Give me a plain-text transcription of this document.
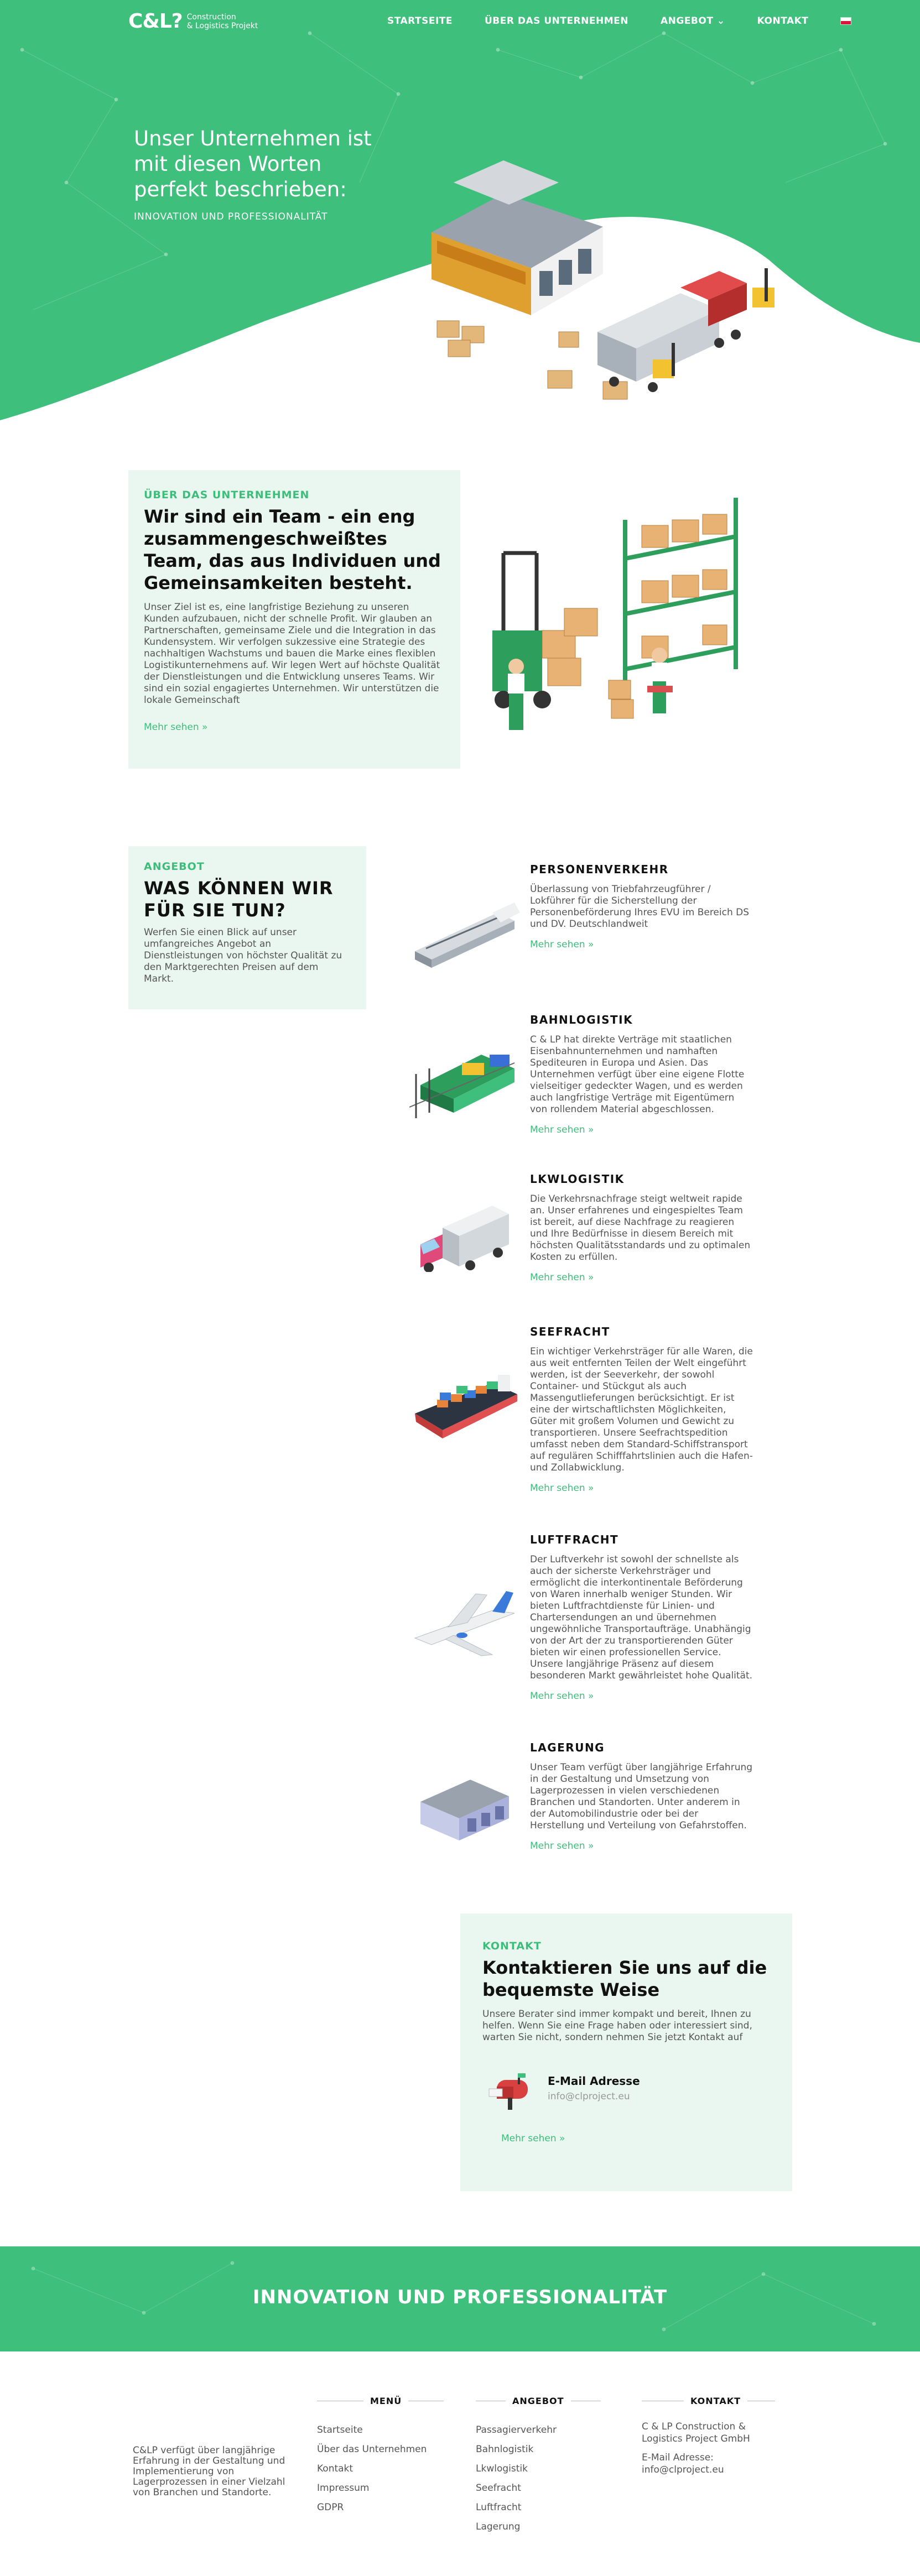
C&L? Construction
& Logistics Projekt	STARTSEITE	ÜBER DAS UNTERNEHMEN	ANGEBOT ⌄	KONTAKT
Unser Unternehmen ist mit diesen Worten perfekt beschrieben:

INNOVATION UND PROFESSIONALITÄT

ÜBER DAS UNTERNEHMEN

Wir sind ein Team - ein eng zusammengeschweißtes Team, das aus Individuen und Gemeinsamkeiten besteht.

Unser Ziel ist es, eine langfristige Beziehung zu unseren Kunden aufzubauen, nicht der schnelle Profit. Wir glauben an Partnerschaften, gemeinsame Ziele und die Integration in das Kundensystem. Wir verfolgen sukzessive eine Strategie des nachhaltigen Wachstums und bauen die Marke eines flexiblen Logistikunternehmens auf. Wir legen Wert auf höchste Qualität der Dienstleistungen und die Entwicklung unseres Teams. Wir sind ein sozial engagiertes Unternehmen. Wir unterstützen die lokale Gemeinschaft

Mehr sehen »

ANGEBOT

WAS KÖNNEN WIR FÜR SIE TUN?

Werfen Sie einen Blick auf unser umfangreiches Angebot an Dienstleistungen von höchster Qualität zu den Marktgerechten Preisen auf dem Markt.

PERSONENVERKEHR

Überlassung von Triebfahrzeugführer / Lokführer für die Sicherstellung der Personenbeförderung Ihres EVU im Bereich DS und DV. Deutschlandweit

Mehr sehen »
BAHNLOGISTIK

C & LP hat direkte Verträge mit staatlichen Eisenbahnunternehmen und namhaften Spediteuren in Europa und Asien. Das Unternehmen verfügt über eine eigene Flotte vielseitiger gedeckter Wagen, und es werden auch langfristige Verträge mit Eigentümern von rollendem Material abgeschlossen.

Mehr sehen »
LKWLOGISTIK

Die Verkehrsnachfrage steigt weltweit rapide an. Unser erfahrenes und eingespieltes Team ist bereit, auf diese Nachfrage zu reagieren und Ihre Bedürfnisse in diesem Bereich mit höchsten Qualitätsstandards und zu optimalen Kosten zu erfüllen.

Mehr sehen »
SEEFRACHT

Ein wichtiger Verkehrsträger für alle Waren, die aus weit entfernten Teilen der Welt eingeführt werden, ist der Seeverkehr, der sowohl Container- und Stückgut als auch Massengutlieferungen berücksichtigt. Er ist eine der wirtschaftlichsten Möglichkeiten, Güter mit großem Volumen und Gewicht zu transportieren. Unsere Seefrachtspedition umfasst neben dem Standard-Schiffstransport auf regulären Schifffahrtslinien auch die Hafen- und Zollabwicklung.

Mehr sehen »
LUFTFRACHT

Der Luftverkehr ist sowohl der schnellste als auch der sicherste Verkehrsträger und ermöglicht die interkontinentale Beförderung von Waren innerhalb weniger Stunden. Wir bieten Luftfrachtdienste für Linien- und Chartersendungen an und übernehmen ungewöhnliche Transportaufträge. Unabhängig von der Art der zu transportierenden Güter bieten wir einen professionellen Service. Unsere langjährige Präsenz auf diesem besonderen Markt gewährleistet hohe Qualität.

Mehr sehen »
LAGERUNG

Unser Team verfügt über langjährige Erfahrung in der Gestaltung und Umsetzung von Lagerprozessen in vielen verschiedenen Branchen und Standorten. Unter anderem in der Automobilindustrie oder bei der Herstellung und Verteilung von Gefahrstoffen.

Mehr sehen »

KONTAKT

Kontaktieren Sie uns auf die bequemste Weise

Unsere Berater sind immer kompakt und bereit, Ihnen zu helfen. Wenn Sie eine Frage haben oder interessiert sind, warten Sie nicht, sondern nehmen Sie jetzt Kontakt auf

E-Mail Adresse

info@clproject.eu

Mehr sehen »
INNOVATION UND PROFESSIONALITÄT

C&LP verfügt über langjährige Erfahrung in der Gestaltung und Implementierung von Lagerprozessen in einer Vielzahl von Branchen und Standorte.

MENÜ
Startseite
Über das Unternehmen
Kontakt
Impressum
GDPR
ANGEBOT
Passagierverkehr
Bahnlogistik
Lkwlogistik
Seefracht
Luftfracht
Lagerung
KONTAKT
C & LP Construction & Logistics Project GmbH
E-Mail Adresse:
info@clproject.eu
